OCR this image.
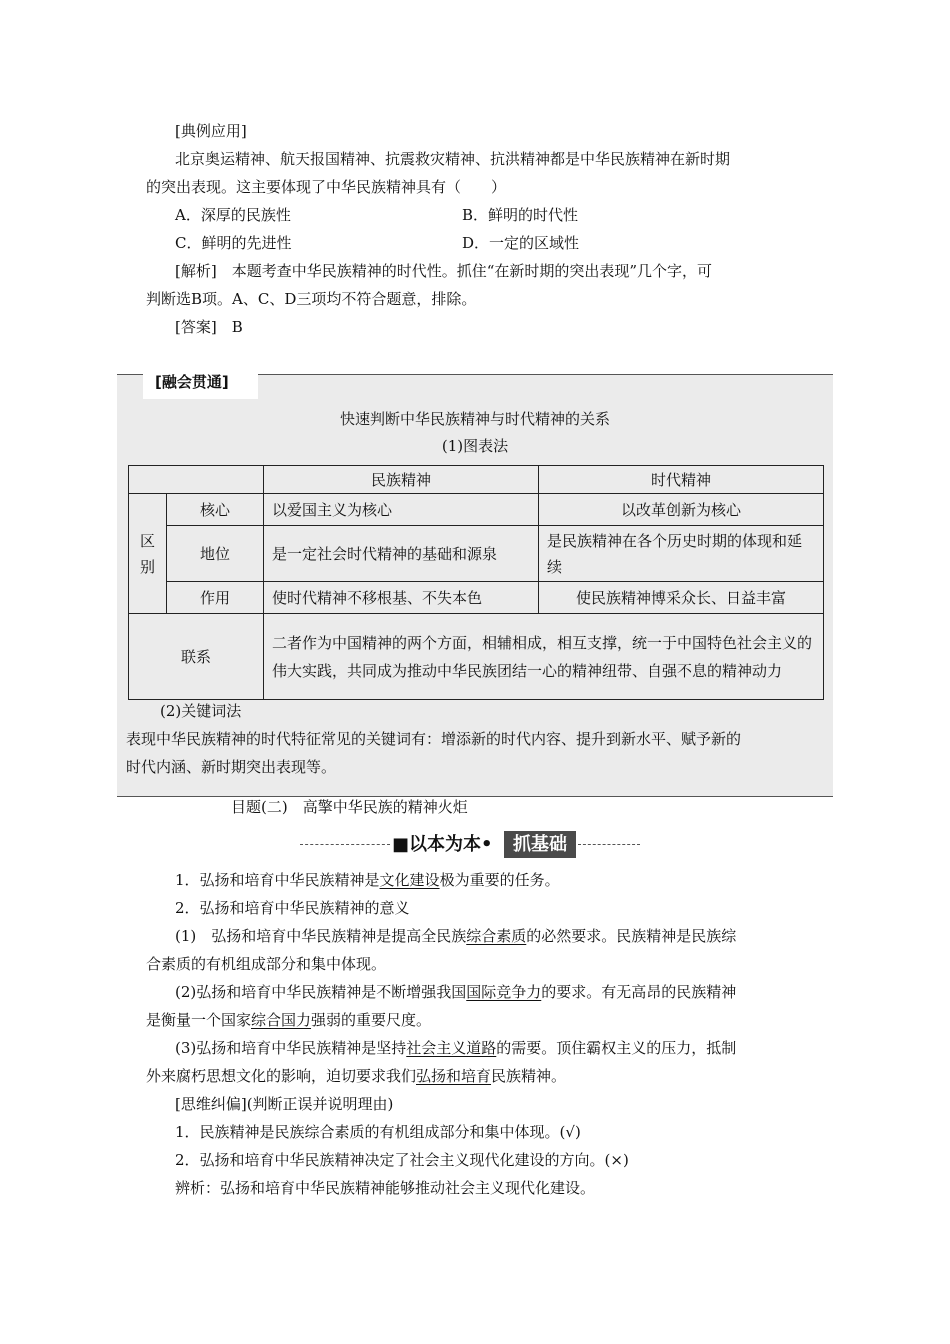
[典例应用]
北京奥运精神、航天报国精神、抗震救灾精神、抗洪精神都是中华民族精神在新时期
的突出表现。这主要体现了中华民族精神具有（　　）
A．深厚的民族性	B．鲜明的时代性
C．鲜明的先进性	D．一定的区域性
[解析]　本题考查中华民族精神的时代性。抓住“在新时期的突出表现”几个字，可
判断选B项。A、C、D三项均不符合题意，排除。
[答案]　B
[融会贯通]
快速判断中华民族精神与时代精神的关系
(1)图表法
		民族精神	时代精神
区别	核心	以爱国主义为核心	以改革创新为核心
	地位	是一定社会时代精神的基础和源泉	是民族精神在各个历史时期的体现和延续
	作用	使时代精神不移根基、不失本色	使民族精神博采众长、日益丰富
联系		二者作为中国精神的两个方面，相辅相成，相互支撑，统一于中国特色社会主义的伟大实践，共同成为推动中华民族团结一心的精神纽带、自强不息的精神动力	
(2)关键词法
表现中华民族精神的时代特征常见的关键词有：增添新的时代内容、提升到新水平、赋予新的
时代内涵、新时期突出表现等。
目题(二)　高擎中华民族的精神火炬
■以本为本•	抓基础
1．弘扬和培育中华民族精神是文化建设极为重要的任务。
2．弘扬和培育中华民族精神的意义
(1)　弘扬和培育中华民族精神是提高全民族综合素质的必然要求。民族精神是民族综
合素质的有机组成部分和集中体现。
(2)弘扬和培育中华民族精神是不断增强我国国际竞争力的要求。有无高昂的民族精神
是衡量一个国家综合国力强弱的重要尺度。
(3)弘扬和培育中华民族精神是坚持社会主义道路的需要。顶住霸权主义的压力，抵制
外来腐朽思想文化的影响，迫切要求我们弘扬和培育民族精神。
[思维纠偏](判断正误并说明理由)
1．民族精神是民族综合素质的有机组成部分和集中体现。(√)
2．弘扬和培育中华民族精神决定了社会主义现代化建设的方向。(×)
辨析：弘扬和培育中华民族精神能够推动社会主义现代化建设。
